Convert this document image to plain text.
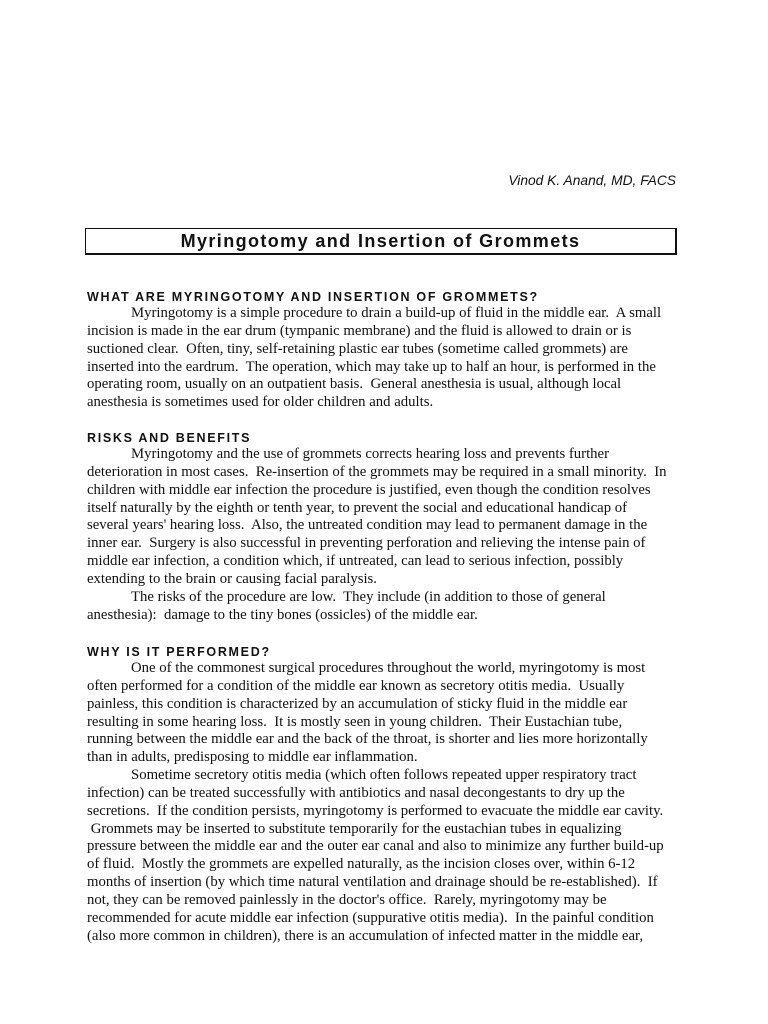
Vinod K. Anand, MD, FACS
Myringotomy and Insertion of Grommets
WHAT ARE MYRINGOTOMY AND INSERTION OF GROMMETS?
Myringotomy is a simple procedure to drain a build-up of fluid in the middle ear.  A small
incision is made in the ear drum (tympanic membrane) and the fluid is allowed to drain or is
suctioned clear.  Often, tiny, self-retaining plastic ear tubes (sometime called grommets) are
inserted into the eardrum.  The operation, which may take up to half an hour, is performed in the
operating room, usually on an outpatient basis.  General anesthesia is usual, although local
anesthesia is sometimes used for older children and adults.
RISKS AND BENEFITS
Myringotomy and the use of grommets corrects hearing loss and prevents further
deterioration in most cases.  Re-insertion of the grommets may be required in a small minority.  In
children with middle ear infection the procedure is justified, even though the condition resolves
itself naturally by the eighth or tenth year, to prevent the social and educational handicap of
several years' hearing loss.  Also, the untreated condition may lead to permanent damage in the
inner ear.  Surgery is also successful in preventing perforation and relieving the intense pain of
middle ear infection, a condition which, if untreated, can lead to serious infection, possibly
extending to the brain or causing facial paralysis.
The risks of the procedure are low.  They include (in addition to those of general
anesthesia):  damage to the tiny bones (ossicles) of the middle ear.
WHY IS IT PERFORMED?
One of the commonest surgical procedures throughout the world, myringotomy is most
often performed for a condition of the middle ear known as secretory otitis media.  Usually
painless, this condition is characterized by an accumulation of sticky fluid in the middle ear
resulting in some hearing loss.  It is mostly seen in young children.  Their Eustachian tube,
running between the middle ear and the back of the throat, is shorter and lies more horizontally
than in adults, predisposing to middle ear inflammation.
Sometime secretory otitis media (which often follows repeated upper respiratory tract
infection) can be treated successfully with antibiotics and nasal decongestants to dry up the
secretions.  If the condition persists, myringotomy is performed to evacuate the middle ear cavity.
Grommets may be inserted to substitute temporarily for the eustachian tubes in equalizing
pressure between the middle ear and the outer ear canal and also to minimize any further build-up
of fluid.  Mostly the grommets are expelled naturally, as the incision closes over, within 6-12
months of insertion (by which time natural ventilation and drainage should be re-established).  If
not, they can be removed painlessly in the doctor's office.  Rarely, myringotomy may be
recommended for acute middle ear infection (suppurative otitis media).  In the painful condition
(also more common in children), there is an accumulation of infected matter in the middle ear,
